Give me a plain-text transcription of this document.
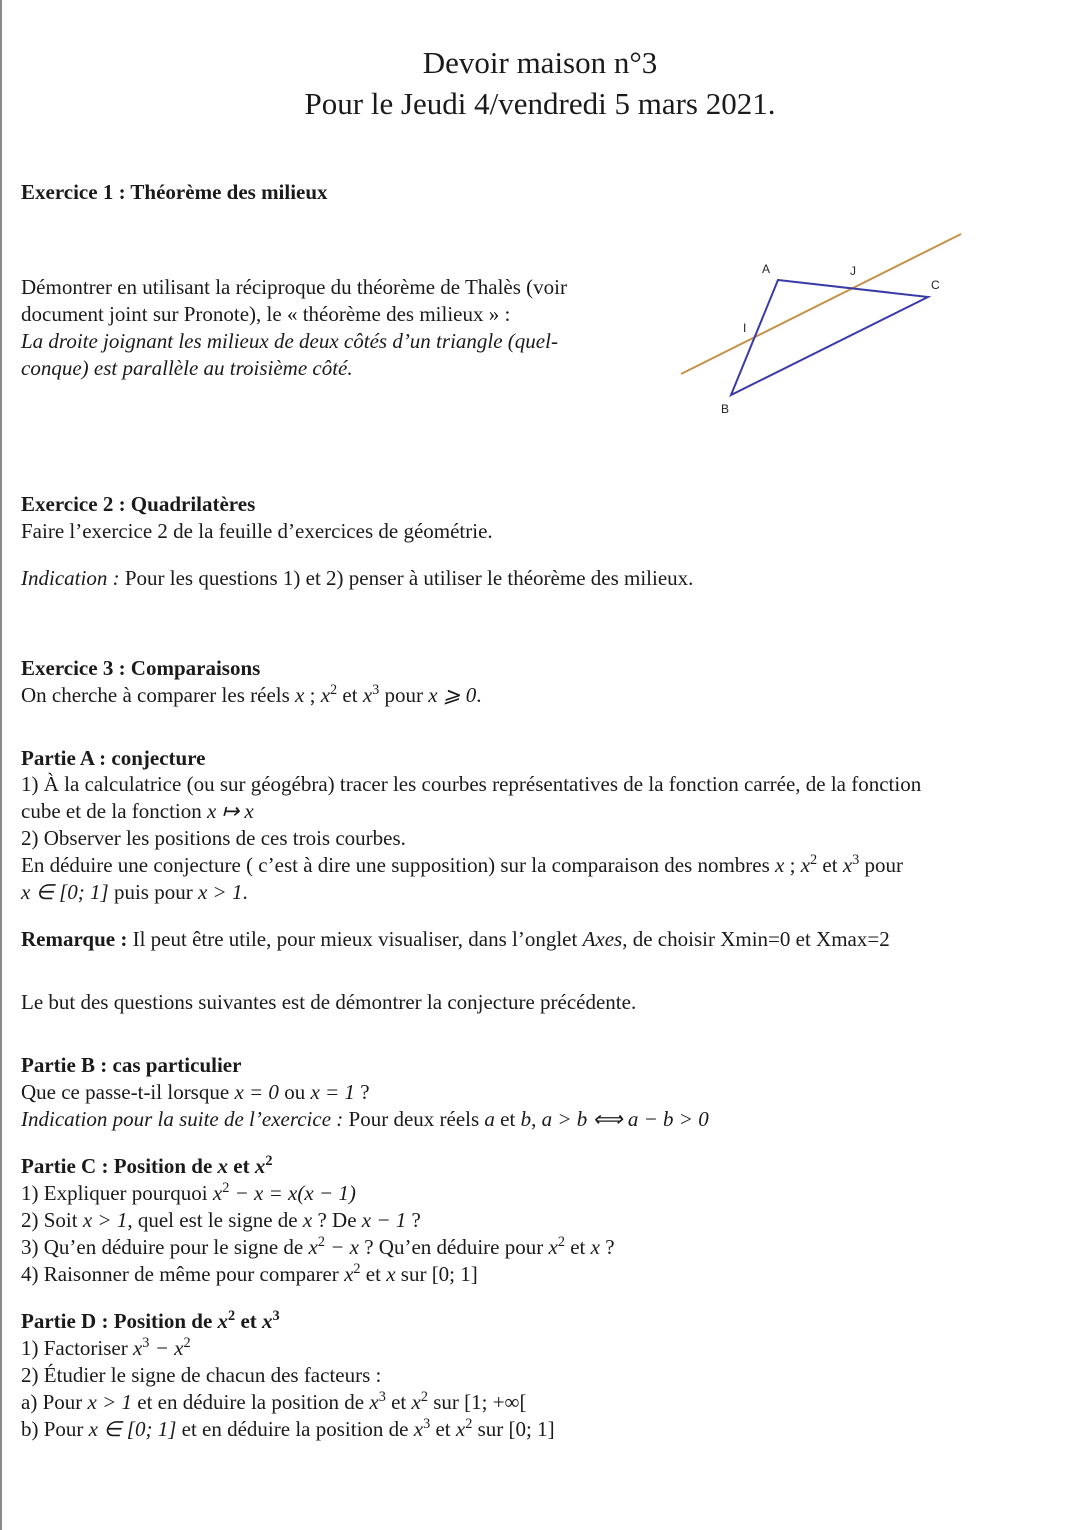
Devoir maison n°3
Pour le Jeudi 4/vendredi 5 mars 2021.
Exercice 1 : Théorème des milieux
Démontrer en utilisant la réciproque du théorème de Thalès (voir
document joint sur Pronote), le « théorème des milieux » :
La droite joignant les milieux de deux côtés d’un triangle (quel-
conque) est parallèle au troisième côté.
A
B
C
I
J
Exercice 2 : Quadrilatères
Faire l’exercice 2 de la feuille d’exercices de géométrie.
Indication : Pour les questions 1) et 2) penser à utiliser le théorème des milieux.
Exercice 3 : Comparaisons
On cherche à comparer les réels x ; $x^2$ et $x^3$ pour x ⩾ 0.
Partie A : conjecture
1) À la calculatrice (ou sur géogébra) tracer les courbes représentatives de la fonction carrée, de la fonction
cube et de la fonction x ↦ x
2) Observer les positions de ces trois courbes.
En déduire une conjecture ( c’est à dire une supposition) sur la comparaison des nombres x ; $x^2$ et $x^3$ pour
x ∈ [0; 1] puis pour x > 1.
Remarque : Il peut être utile, pour mieux visualiser, dans l’onglet Axes, de choisir Xmin=0 et Xmax=2
Le but des questions suivantes est de démontrer la conjecture précédente.
Partie B : cas particulier
Que ce passe-t-il lorsque x = 0 ou x = 1 ?
Indication pour la suite de l’exercice : Pour deux réels a et b, a > b ⟺ a − b > 0
Partie C : Position de x et $x^2$
1) Expliquer pourquoi $x^2 - x = x(x - 1)$
2) Soit x > 1, quel est le signe de x ? De x − 1 ?
3) Qu’en déduire pour le signe de $x^2 - x$ ? Qu’en déduire pour $x^2$ et x ?
4) Raisonner de même pour comparer $x^2$ et x sur [0; 1]
Partie D : Position de $x^2$ et $x^3$
1) Factoriser $x^3 - x^2$
2) Étudier le signe de chacun des facteurs :
a) Pour x > 1 et en déduire la position de $x^3$ et $x^2$ sur [1; +∞[
b) Pour x ∈ [0; 1] et en déduire la position de $x^3$ et $x^2$ sur [0; 1]
